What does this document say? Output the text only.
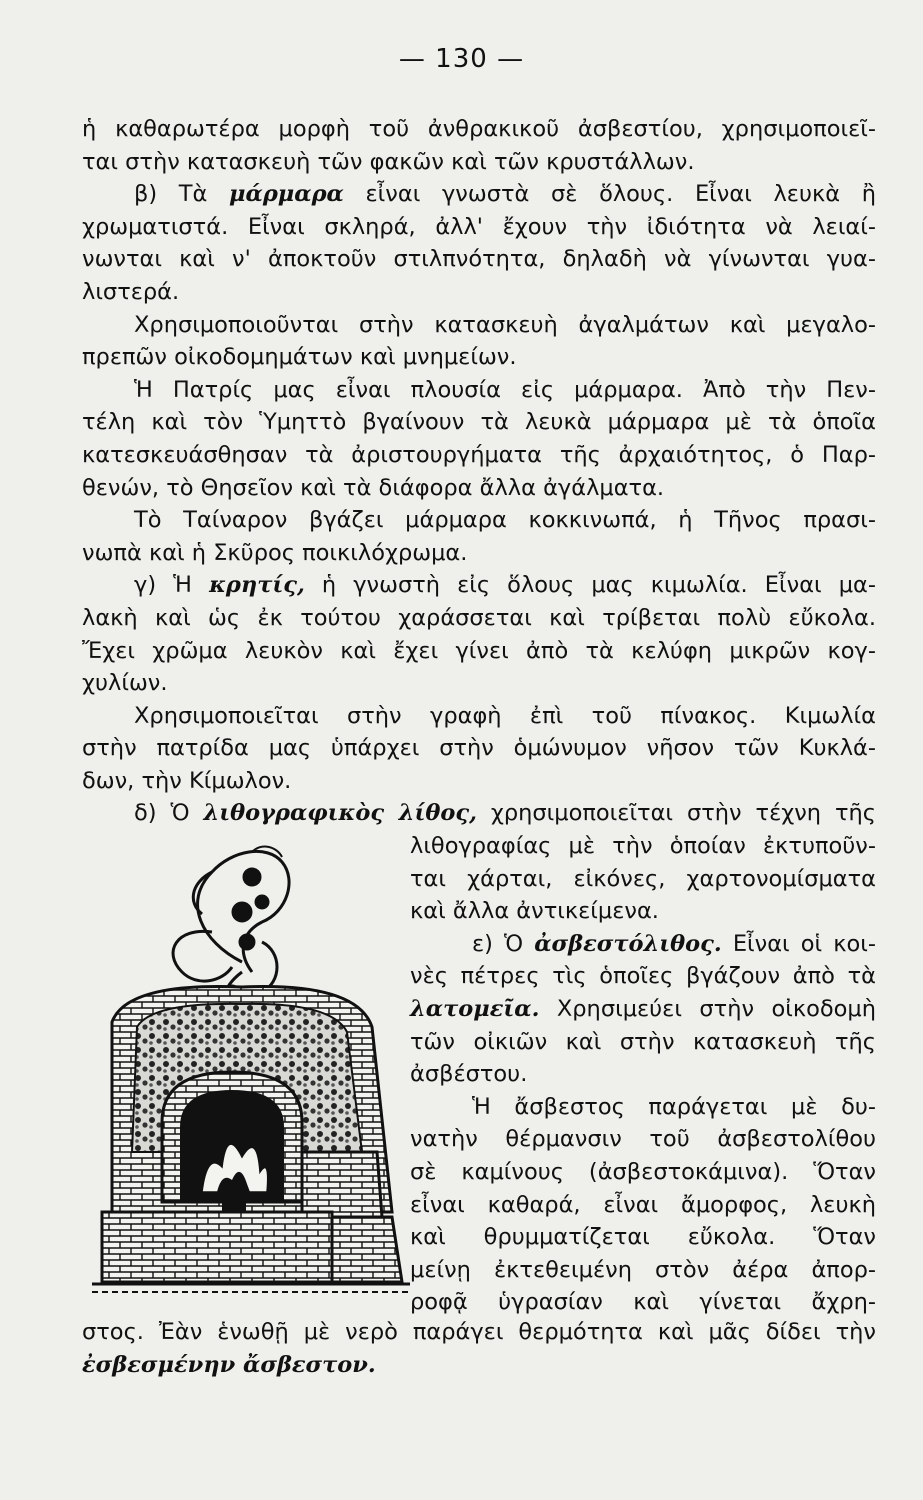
— 130 —
ἡ καθαρωτέρα μορφὴ τοῦ ἀνθρακικοῦ ἀσβεστίου, χρησιμοποιεῖ-
ται στὴν κατασκευὴ τῶν φακῶν καὶ τῶν κρυστάλλων.
β) Τὰ μάρμαρα εἶναι γνωστὰ σὲ ὅλους. Εἶναι λευκὰ ἢ
χρωματιστά. Εἶναι σκληρά, ἀλλ' ἔχουν τὴν ἰδιότητα νὰ λειαί-
νωνται καὶ ν' ἀποκτοῦν στιλπνότητα, δηλαδὴ νὰ γίνωνται γυα-
λιστερά.
Χρησιμοποιοῦνται στὴν κατασκευὴ ἀγαλμάτων καὶ μεγαλο-
πρεπῶν οἰκοδομημάτων καὶ μνημείων.
Ἡ Πατρίς μας εἶναι πλουσία εἰς μάρμαρα. Ἀπὸ τὴν Πεν-
τέλη καὶ τὸν Ὑμηττὸ βγαίνουν τὰ λευκὰ μάρμαρα μὲ τὰ ὁποῖα
κατεσκευάσθησαν τὰ ἀριστουργήματα τῆς ἀρχαιότητος, ὁ Παρ-
θενών, τὸ Θησεῖον καὶ τὰ διάφορα ἄλλα ἀγάλματα.
Τὸ Ταίναρον βγάζει μάρμαρα κοκκινωπά, ἡ Τῆνος πρασι-
νωπὰ καὶ ἡ Σκῦρος ποικιλόχρωμα.
γ) Ἡ κρητίς, ἡ γνωστὴ εἰς ὅλους μας κιμωλία. Εἶναι μα-
λακὴ καὶ ὡς ἐκ τούτου χαράσσεται καὶ τρίβεται πολὺ εὔκολα.
Ἔχει χρῶμα λευκὸν καὶ ἔχει γίνει ἀπὸ τὰ κελύφη μικρῶν κογ-
χυλίων.
Χρησιμοποιεῖται στὴν γραφὴ ἐπὶ τοῦ πίνακος. Κιμωλία
στὴν πατρίδα μας ὑπάρχει στὴν ὁμώνυμον νῆσον τῶν Κυκλά-
δων, τὴν Κίμωλον.
δ) Ὁ λιθογραφικὸς λίθος, χρησιμοποιεῖται στὴν τέχνη τῆς
λιθογραφίας μὲ τὴν ὁποίαν ἐκτυποῦν-
ται χάρται, εἰκόνες, χαρτονομίσματα
καὶ ἄλλα ἀντικείμενα.
ε) Ὁ ἀσβεστόλιθος. Εἶναι οἱ κοι-
νὲς πέτρες τὶς ὁποῖες βγάζουν ἀπὸ τὰ
λατομεῖα. Χρησιμεύει στὴν οἰκοδομὴ
τῶν οἰκιῶν καὶ στὴν κατασκευὴ τῆς
ἀσβέστου.
Ἡ ἄσβεστος παράγεται μὲ δυ-
νατὴν θέρμανσιν τοῦ ἀσβεστολίθου
σὲ καμίνους (ἀσβεστοκάμινα). Ὅταν
εἶναι καθαρά, εἶναι ἄμορφος, λευκὴ
καὶ θρυμματίζεται εὔκολα. Ὅταν
μείνῃ ἐκτεθειμένη στὸν ἀέρα ἀπορ-
ροφᾷ ὑγρασίαν καὶ γίνεται ἄχρη-
στος. Ἐὰν ἑνωθῇ μὲ νερὸ παράγει θερμότητα καὶ μᾶς δίδει τὴν
ἐσβεσμένην ἄσβεστον.
